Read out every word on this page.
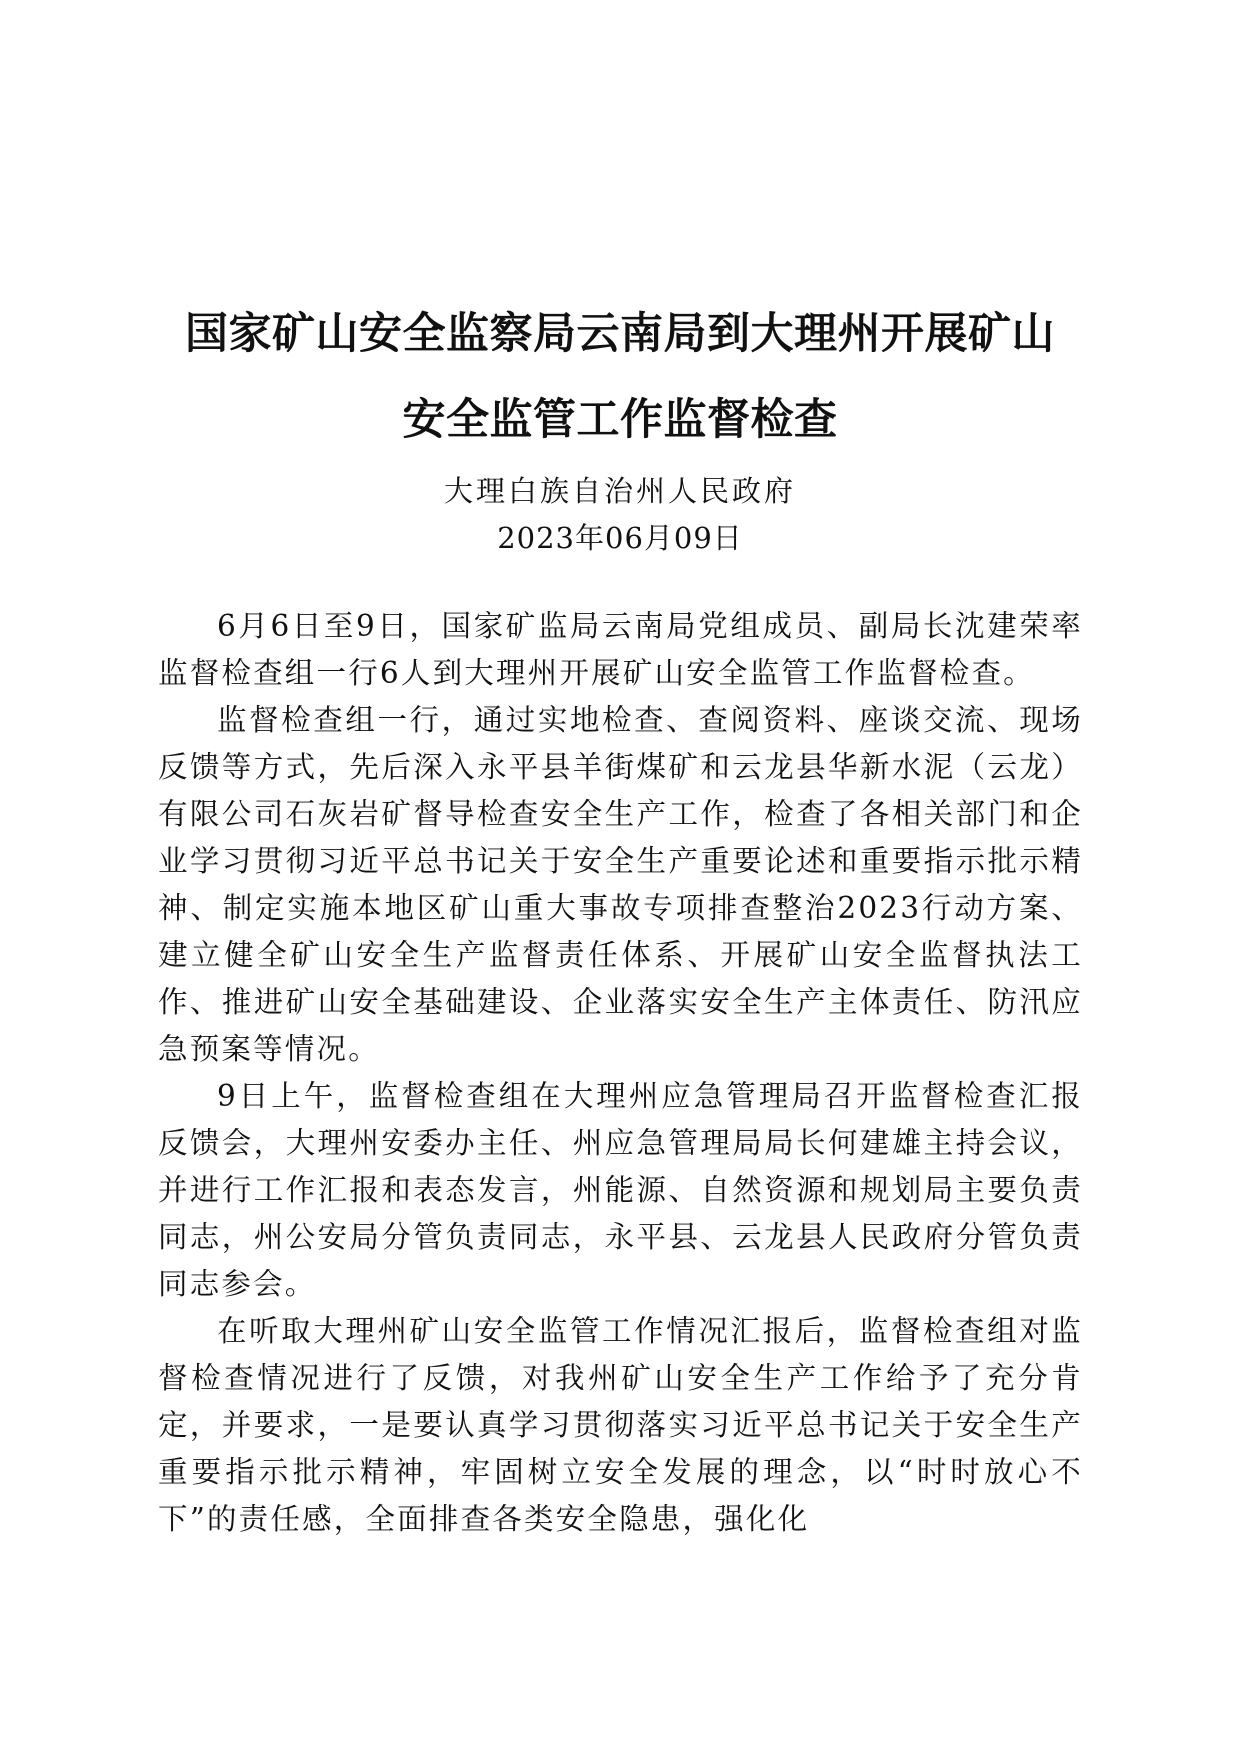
国家矿山安全监察局云南局到大理州开展矿山
安全监管工作监督检查

大理白族自治州人民政府

2023年06月09日

6月6日至9日，国家矿监局云南局党组成员、副局长沈建荣率监督检查组一行6人到大理州开展矿山安全监管工作监督检查。

监督检查组一行，通过实地检查、查阅资料、座谈交流、现场反馈等方式，先后深入永平县羊街煤矿和云龙县华新水泥（云龙）有限公司石灰岩矿督导检查安全生产工作，检查了各相关部门和企业学习贯彻习近平总书记关于安全生产重要论述和重要指示批示精神、制定实施本地区矿山重大事故专项排查整治2023行动方案、建立健全矿山安全生产监督责任体系、开展矿山安全监督执法工作、推进矿山安全基础建设、企业落实安全生产主体责任、防汛应急预案等情况。

9日上午，监督检查组在大理州应急管理局召开监督检查汇报反馈会，大理州安委办主任、州应急管理局局长何建雄主持会议，并进行工作汇报和表态发言，州能源、自然资源和规划局主要负责同志，州公安局分管负责同志，永平县、云龙县人民政府分管负责同志参会。

在听取大理州矿山安全监管工作情况汇报后，监督检查组对监督检查情况进行了反馈，对我州矿山安全生产工作给予了充分肯定，并要求，一是要认真学习贯彻落实习近平总书记关于安全生产重要指示批示精神，牢固树立安全发展的理念，以“时时放心不下”的责任感，全面排查各类安全隐患，强化化
